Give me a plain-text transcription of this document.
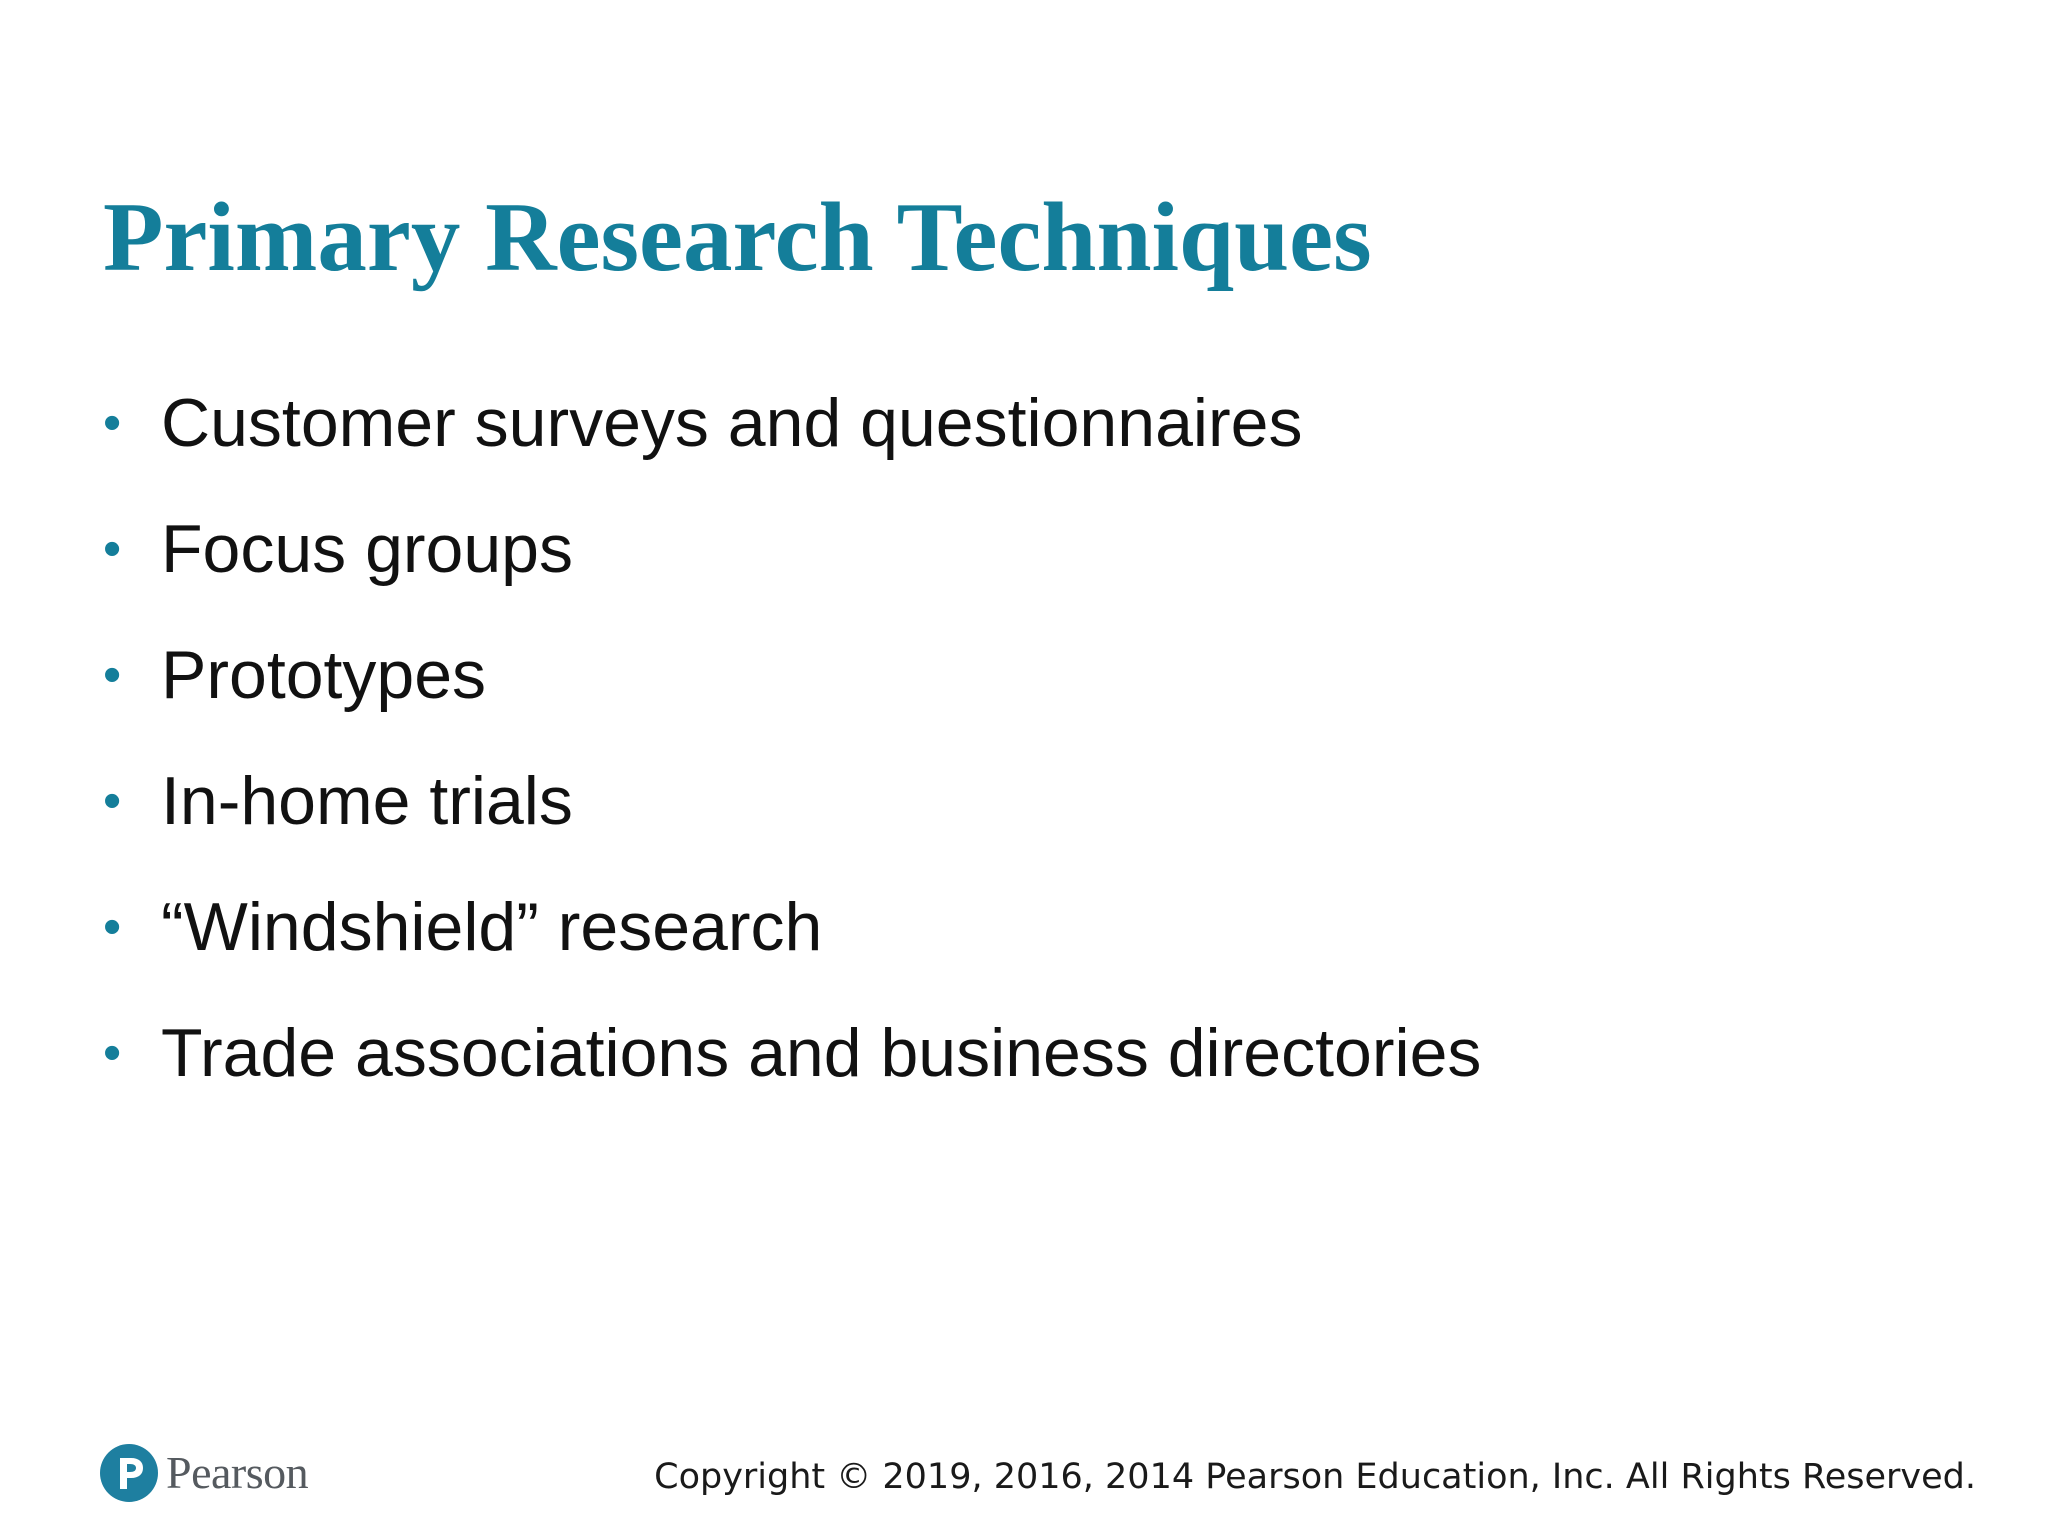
Primary Research Techniques
• Customer surveys and questionnaires
• Focus groups
• Prototypes
• In-home trials
• “Windshield” research
• Trade associations and business directories
Pearson	Copyright © 2019, 2016, 2014 Pearson Education, Inc. All Rights Reserved.
